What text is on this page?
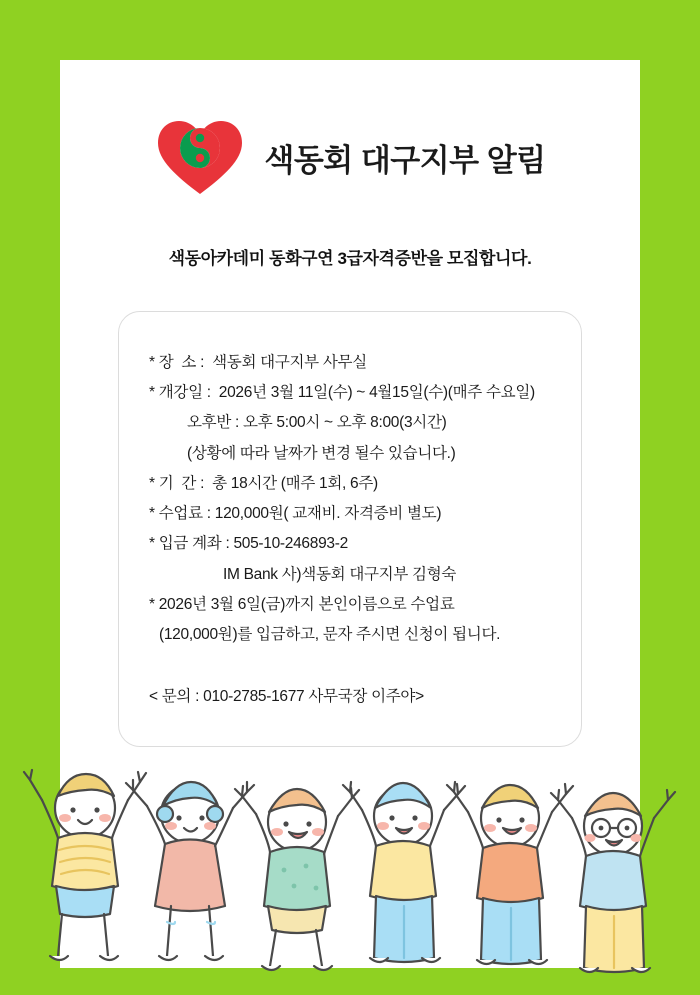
색동회 대구지부 알림
색동아카데미 동화구연 3급자격증반을 모집합니다.
* 장  소 :  색동회 대구지부 사무실
* 개강일 :  2026년 3월 11일(수) ~ 4월15일(수)(매주 수요일)
오후반 : 오후 5:00시 ~ 오후 8:00(3시간)
(상황에 따라 날짜가 변경 될수 있습니다.)
* 기  간 :  총 18시간 (매주 1회, 6주)
* 수업료 : 120,000원( 교재비. 자격증비 별도)
* 입금 계좌 : 505-10-246893-2
IM Bank 사)색동회 대구지부 김형숙
* 2026년 3월 6일(금)까지 본인이름으로 수업료
(120,000원)를 입금하고, 문자 주시면 신청이 됩니다.
< 문의 : 010-2785-1677 사무국장 이주야>
